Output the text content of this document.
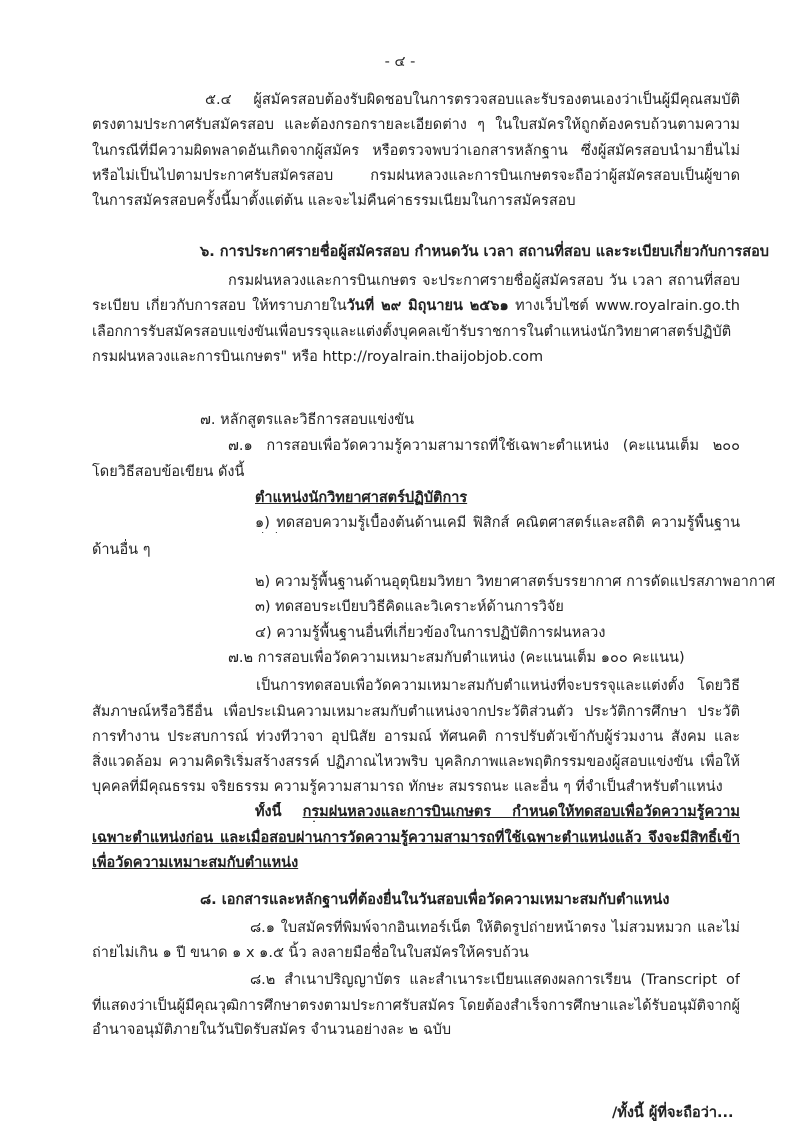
- ๔ -
๕.๔ ผู้สมัครสอบต้องรับผิดชอบในการตรวจสอบและรับรองตนเองว่าเป็นผู้มีคุณสมบัติ
ตรงตามประกาศรับสมัครสอบ และต้องกรอกรายละเอียดต่าง ๆ ในใบสมัครให้ถูกต้องครบถ้วนตามความ
ในกรณีที่มีความผิดพลาดอันเกิดจากผู้สมัคร หรือตรวจพบว่าเอกสารหลักฐาน ซึ่งผู้สมัครสอบนำมายื่นไม่
หรือไม่เป็นไปตามประกาศรับสมัครสอบ กรมฝนหลวงและการบินเกษตรจะถือว่าผู้สมัครสอบเป็นผู้ขาด
ในการสมัครสอบครั้งนี้มาตั้งแต่ต้น และจะไม่คืนค่าธรรมเนียมในการสมัครสอบ
๖. การประกาศรายชื่อผู้สมัครสอบ กำหนดวัน เวลา สถานที่สอบ และระเบียบเกี่ยวกับการสอบ
กรมฝนหลวงและการบินเกษตร จะประกาศรายชื่อผู้สมัครสอบ วัน เวลา สถานที่สอบ
ระเบียบ เกี่ยวกับการสอบ ให้ทราบภายในวันที่ ๒๙ มิถุนายน ๒๕๖๑ ทางเว็บไซต์ www.royalrain.go.th
เลือกการรับสมัครสอบแข่งขันเพื่อบรรจุและแต่งตั้งบุคคลเข้ารับราชการในตำแหน่งนักวิทยาศาสตร์ปฏิบัติ
กรมฝนหลวงและการบินเกษตร" หรือ http://royalrain.thaijobjob.com
๗. หลักสูตรและวิธีการสอบแข่งขัน
๗.๑ การสอบเพื่อวัดความรู้ความสามารถที่ใช้เฉพาะตำแหน่ง (คะแนนเต็ม ๒๐๐
โดยวิธีสอบข้อเขียน ดังนี้
ตำแหน่งนักวิทยาศาสตร์ปฏิบัติการ
๑) ทดสอบความรู้เบื้องต้นด้านเคมี ฟิสิกส์ คณิตศาสตร์และสถิติ ความรู้พื้นฐาน
ด้านอื่น ๆ
๒) ความรู้พื้นฐานด้านอุตุนิยมวิทยา วิทยาศาสตร์บรรยากาศ การดัดแปรสภาพอากาศ
๓) ทดสอบระเบียบวิธีคิดและวิเคราะห์ด้านการวิจัย
๔) ความรู้พื้นฐานอื่นที่เกี่ยวข้องในการปฏิบัติการฝนหลวง
๗.๒ การสอบเพื่อวัดความเหมาะสมกับตำแหน่ง (คะแนนเต็ม ๑๐๐ คะแนน)
เป็นการทดสอบเพื่อวัดความเหมาะสมกับตำแหน่งที่จะบรรจุและแต่งตั้ง โดยวิธี
สัมภาษณ์หรือวิธีอื่น เพื่อประเมินความเหมาะสมกับตำแหน่งจากประวัติส่วนตัว ประวัติการศึกษา ประวัติ
การทำงาน ประสบการณ์ ท่วงทีวาจา อุปนิสัย อารมณ์ ทัศนคติ การปรับตัวเข้ากับผู้ร่วมงาน สังคม และ
สิ่งแวดล้อม ความคิดริเริ่มสร้างสรรค์ ปฏิภาณไหวพริบ บุคลิกภาพและพฤติกรรมของผู้สอบแข่งขัน เพื่อให้
บุคคลที่มีคุณธรรม จริยธรรม ความรู้ความสามารถ ทักษะ สมรรถนะ และอื่น ๆ ที่จำเป็นสำหรับตำแหน่ง
ทั้งนี้ กรมฝนหลวงและการบินเกษตร กำหนดให้ทดสอบเพื่อวัดความรู้ความ
เฉพาะตำแหน่งก่อน และเมื่อสอบผ่านการวัดความรู้ความสามารถที่ใช้เฉพาะตำแหน่งแล้ว จึงจะมีสิทธิ์เข้า
เพื่อวัดความเหมาะสมกับตำแหน่ง
๘. เอกสารและหลักฐานที่ต้องยื่นในวันสอบเพื่อวัดความเหมาะสมกับตำแหน่ง
๘.๑ ใบสมัครที่พิมพ์จากอินเทอร์เน็ต ให้ติดรูปถ่ายหน้าตรง ไม่สวมหมวก และไม่
ถ่ายไม่เกิน ๑ ปี ขนาด ๑ x ๑.๕ นิ้ว ลงลายมือชื่อในใบสมัครให้ครบถ้วน
๘.๒ สำเนาปริญญาบัตร และสำเนาระเบียนแสดงผลการเรียน (Transcript of
ที่แสดงว่าเป็นผู้มีคุณวุฒิการศึกษาตรงตามประกาศรับสมัคร โดยต้องสำเร็จการศึกษาและได้รับอนุมัติจากผู้
อำนาจอนุมัติภายในวันปิดรับสมัคร จำนวนอย่างละ ๒ ฉบับ
/ทั้งนี้ ผู้ที่จะถือว่า...
